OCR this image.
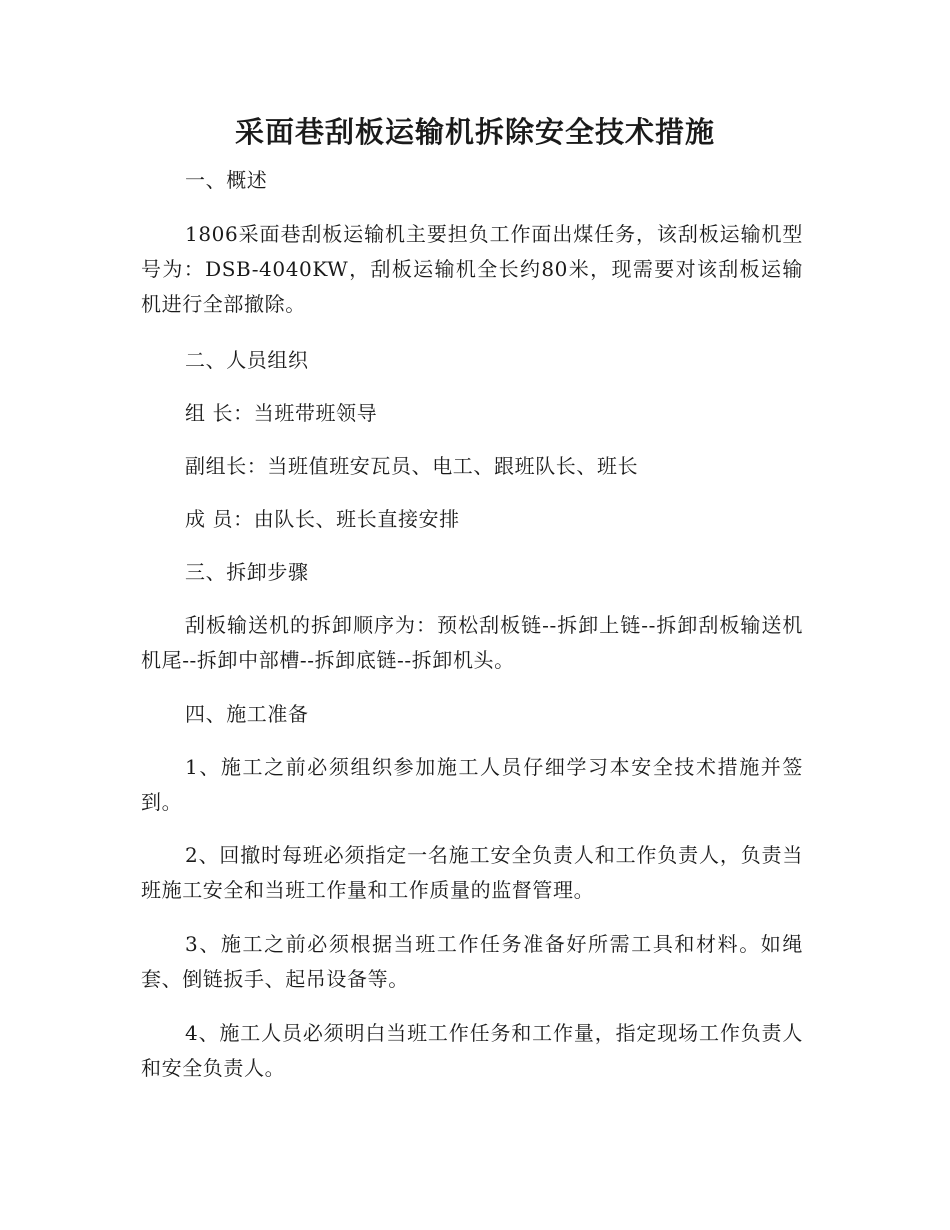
采面巷刮板运输机拆除安全技术措施
一、概述
1806采面巷刮板运输机主要担负工作面出煤任务，该刮板运输机型号为：DSB-4040KW，刮板运输机全长约80米，现需要对该刮板运输机进行全部撤除。
二、人员组织
组 长：当班带班领导
副组长：当班值班安瓦员、电工、跟班队长、班长
成 员：由队长、班长直接安排
三、拆卸步骤
刮板输送机的拆卸顺序为：预松刮板链--拆卸上链--拆卸刮板输送机机尾--拆卸中部槽--拆卸底链--拆卸机头。
四、施工准备
1、施工之前必须组织参加施工人员仔细学习本安全技术措施并签到。
2、回撤时每班必须指定一名施工安全负责人和工作负责人，负责当班施工安全和当班工作量和工作质量的监督管理。
3、施工之前必须根据当班工作任务准备好所需工具和材料。如绳套、倒链扳手、起吊设备等。
4、施工人员必须明白当班工作任务和工作量，指定现场工作负责人和安全负责人。
